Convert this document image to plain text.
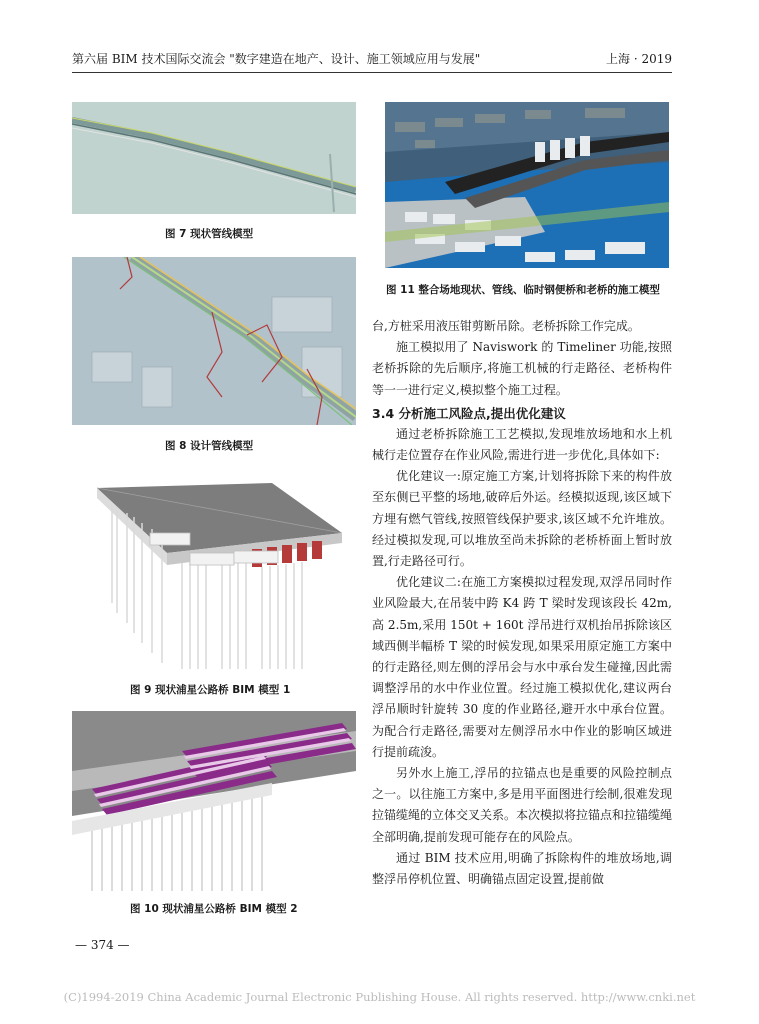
第六届 BIM 技术国际交流会 "数字建造在地产、设计、施工领域应用与发展"	上海 · 2019
图 7 现状管线模型
图 8 设计管线模型
图 9 现状浦星公路桥 BIM 模型 1
图 10 现状浦星公路桥 BIM 模型 2
图 11 整合场地现状、管线、临时钢便桥和老桥的施工模型

台,方桩采用液压钳剪断吊除。老桥拆除工作完成。

施工模拟用了 Naviswork 的 Timeliner 功能,按照老桥拆除的先后顺序,将施工机械的行走路径、老桥构件等一一进行定义,模拟整个施工过程。

3.4 分析施工风险点,提出优化建议

通过老桥拆除施工工艺模拟,发现堆放场地和水上机械行走位置存在作业风险,需进行进一步优化,具体如下:

优化建议一:原定施工方案,计划将拆除下来的构件放至东侧已平整的场地,破碎后外运。经模拟返现,该区域下方埋有燃气管线,按照管线保护要求,该区域不允许堆放。经过模拟发现,可以堆放至尚未拆除的老桥桥面上暂时放置,行走路径可行。

优化建议二:在施工方案模拟过程发现,双浮吊同时作业风险最大,在吊装中跨 K4 跨 T 梁时发现该段长 42m,高 2.5m,采用 150t + 160t 浮吊进行双机抬吊拆除该区域西侧半幅桥 T 梁的时候发现,如果采用原定施工方案中的行走路径,则左侧的浮吊会与水中承台发生碰撞,因此需调整浮吊的水中作业位置。经过施工模拟优化,建议两台浮吊顺时针旋转 30 度的作业路径,避开水中承台位置。为配合行走路径,需要对左侧浮吊水中作业的影响区域进行提前疏浚。

另外水上施工,浮吊的拉锚点也是重要的风险控制点之一。以往施工方案中,多是用平面图进行绘制,很难发现拉锚缆绳的立体交叉关系。本次模拟将拉锚点和拉锚缆绳全部明确,提前发现可能存在的风险点。

通过 BIM 技术应用,明确了拆除构件的堆放场地,调整浮吊停机位置、明确锚点固定设置,提前做

— 374 —
(C)1994-2019 China Academic Journal Electronic Publishing House. All rights reserved. http://www.cnki.net
